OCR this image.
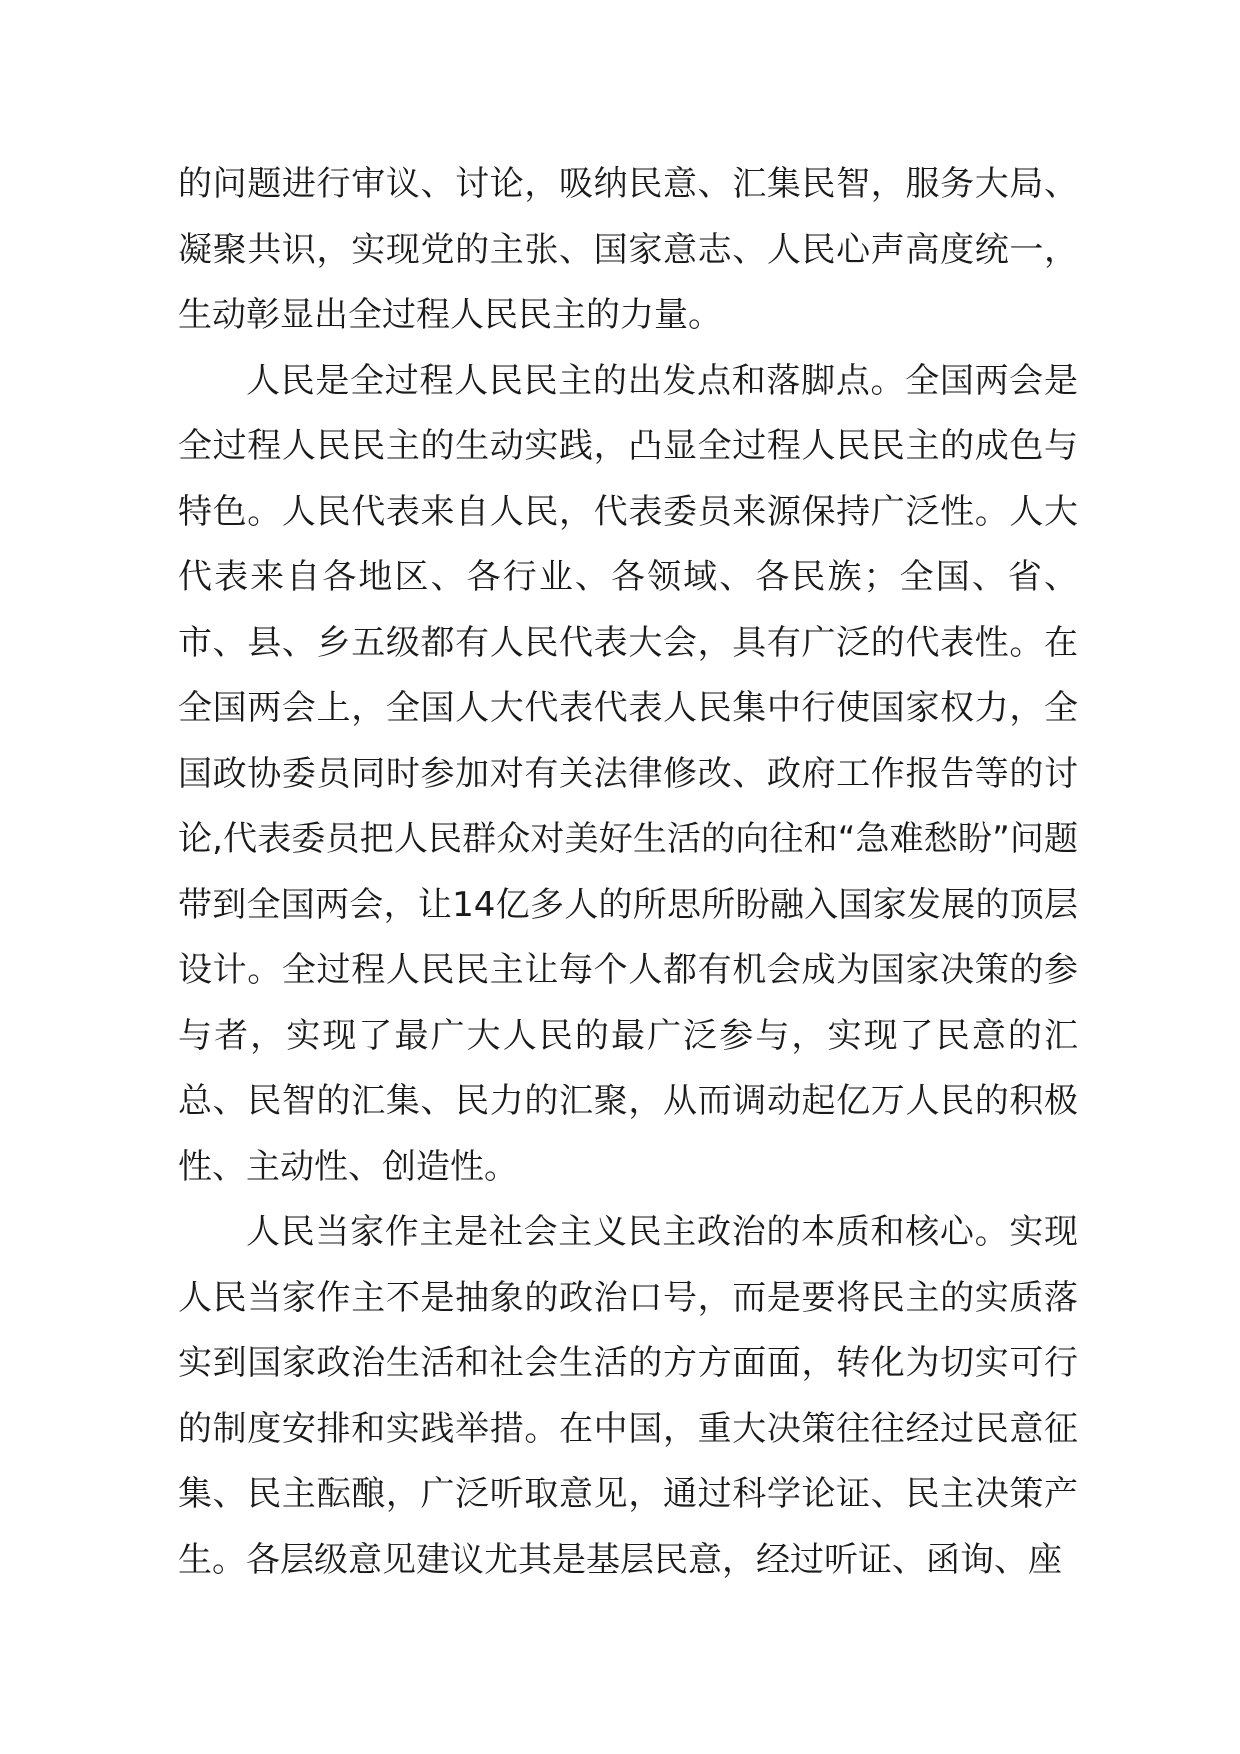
的问题进行审议、讨论，吸纳民意、汇集民智，服务大局、凝聚共识，实现党的主张、国家意志、人民心声高度统一，生动彰显出全过程人民民主的力量。

人民是全过程人民民主的出发点和落脚点。全国两会是全过程人民民主的生动实践，凸显全过程人民民主的成色与特色。人民代表来自人民，代表委员来源保持广泛性。人大代表来自各地区、各行业、各领域、各民族；全国、省、市、县、乡五级都有人民代表大会，具有广泛的代表性。在全国两会上，全国人大代表代表人民集中行使国家权力，全国政协委员同时参加对有关法律修改、政府工作报告等的讨论,代表委员把人民群众对美好生活的向往和“急难愁盼”问题带到全国两会，让14亿多人的所思所盼融入国家发展的顶层设计。全过程人民民主让每个人都有机会成为国家决策的参与者，实现了最广大人民的最广泛参与，实现了民意的汇总、民智的汇集、民力的汇聚，从而调动起亿万人民的积极性、主动性、创造性。

人民当家作主是社会主义民主政治的本质和核心。实现人民当家作主不是抽象的政治口号，而是要将民主的实质落实到国家政治生活和社会生活的方方面面，转化为切实可行的制度安排和实践举措。在中国，重大决策往往经过民意征集、民主酝酿，广泛听取意见，通过科学论证、民主决策产生。各层级意见建议尤其是基层民意，经过听证、函询、座
